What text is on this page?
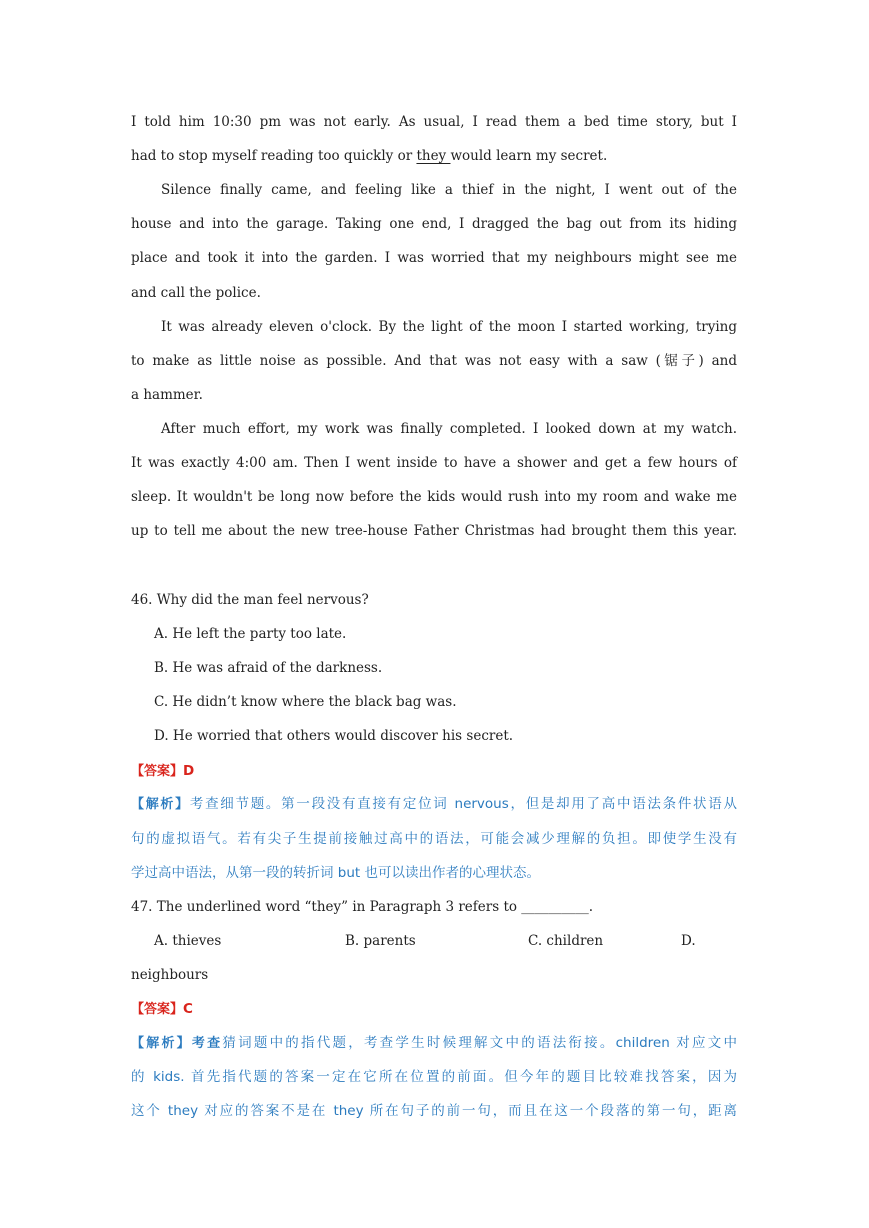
I told him 10:30 pm was not early. As usual, I read them a bed time story, but I
had to stop myself reading too quickly or they would learn my secret.
Silence finally came, and feeling like a thief in the night, I went out of the
house and into the garage. Taking one end, I dragged the bag out from its hiding
place and took it into the garden. I was worried that my neighbours might see me
and call the police.
It was already eleven o'clock. By the light of the moon I started working, trying
to make as little noise as possible. And that was not easy with a saw (锯子) and
a hammer.
After much effort, my work was finally completed. I looked down at my watch.
It was exactly 4:00 am. Then I went inside to have a shower and get a few hours of
sleep. It wouldn't be long now before the kids would rush into my room and wake me
up to tell me about the new tree-house Father Christmas had brought them this year.
46. Why did the man feel nervous?
A. He left the party too late.
B. He was afraid of the darkness.
C. He didn’t know where the black bag was.
D. He worried that others would discover his secret.
【答案】D
【解析】考查细节题。第一段没有直接有定位词 nervous，但是却用了高中语法条件状语从
句的虚拟语气。若有尖子生提前接触过高中的语法，可能会减少理解的负担。即使学生没有
学过高中语法，从第一段的转折词 but 也可以读出作者的心理状态。
47. The underlined word “they” in Paragraph 3 refers to __________.
A. thieves	B. parents	C. children	D.
neighbours
【答案】C
【解析】考查猜词题中的指代题，考查学生时候理解文中的语法衔接。children 对应文中
的 kids. 首先指代题的答案一定在它所在位置的前面。但今年的题目比较难找答案，因为
这个 they 对应的答案不是在 they 所在句子的前一句，而且在这一个段落的第一句，距离
